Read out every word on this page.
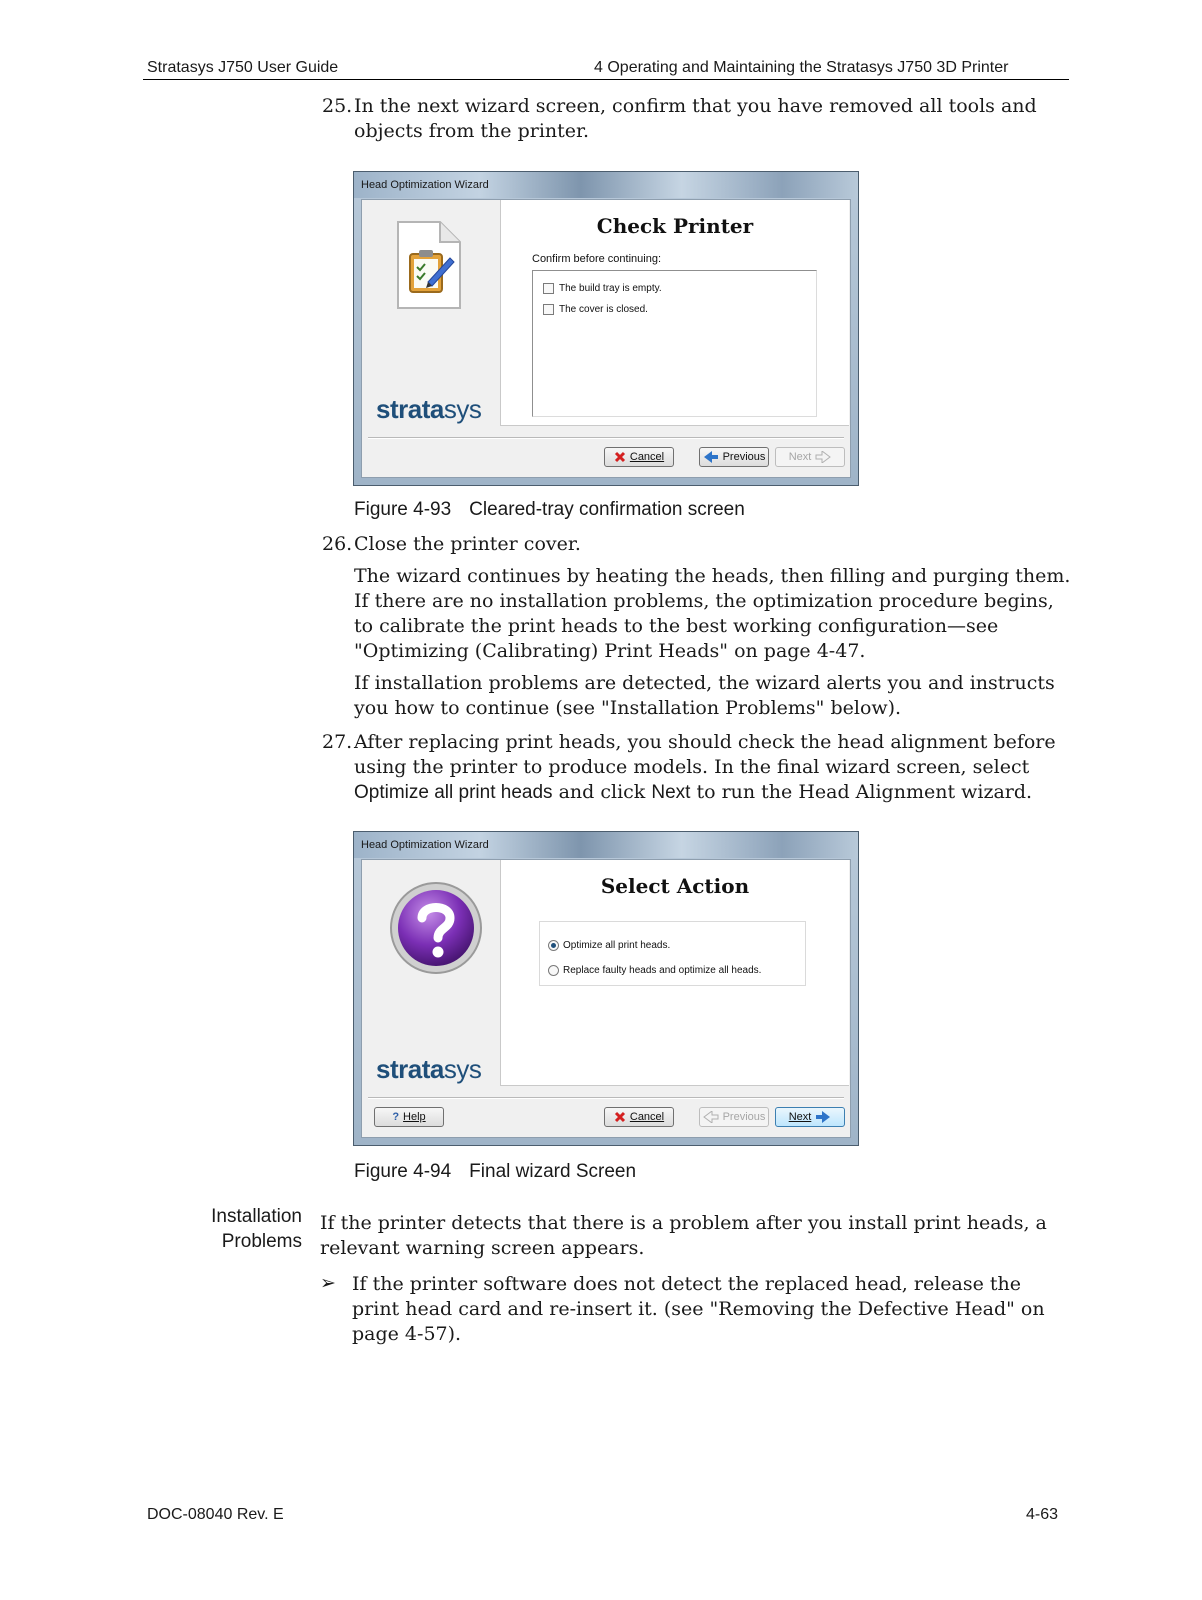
Stratasys J750 User Guide	4 Operating and Maintaining the Stratasys J750 3D Printer
25. In the next wizard screen, confirm that you have removed all tools and objects from the printer.
Head Optimization Wizard
stratasys
Check Printer
Confirm before continuing:
The build tray is empty.
The cover is closed.
Cancel	Previous Next
Figure 4-93 Cleared-tray confirmation screen
26. Close the printer cover.
The wizard continues by heating the heads, then filling and purging them. If there are no installation problems, the optimization procedure begins, to calibrate the print heads to the best working configuration—see "Optimizing (Calibrating) Print Heads" on page 4-47.
If installation problems are detected, the wizard alerts you and instructs you how to continue (see "Installation Problems" below).
27. After replacing print heads, you should check the head alignment before using the printer to produce models. In the final wizard screen, select Optimize all print heads and click Next to run the Head Alignment wizard.
Head Optimization Wizard
stratasys
Select Action
Optimize all print heads.
Replace faulty heads and optimize all heads.
? Help	Cancel	Previous Next
Figure 4-94 Final wizard Screen
Installation
Problems
If the printer detects that there is a problem after you install print heads, a relevant warning screen appears.
➢ If the printer software does not detect the replaced head, release the print head card and re-insert it. (see "Removing the Defective Head" on page 4-57).
DOC-08040 Rev. E	4-63
